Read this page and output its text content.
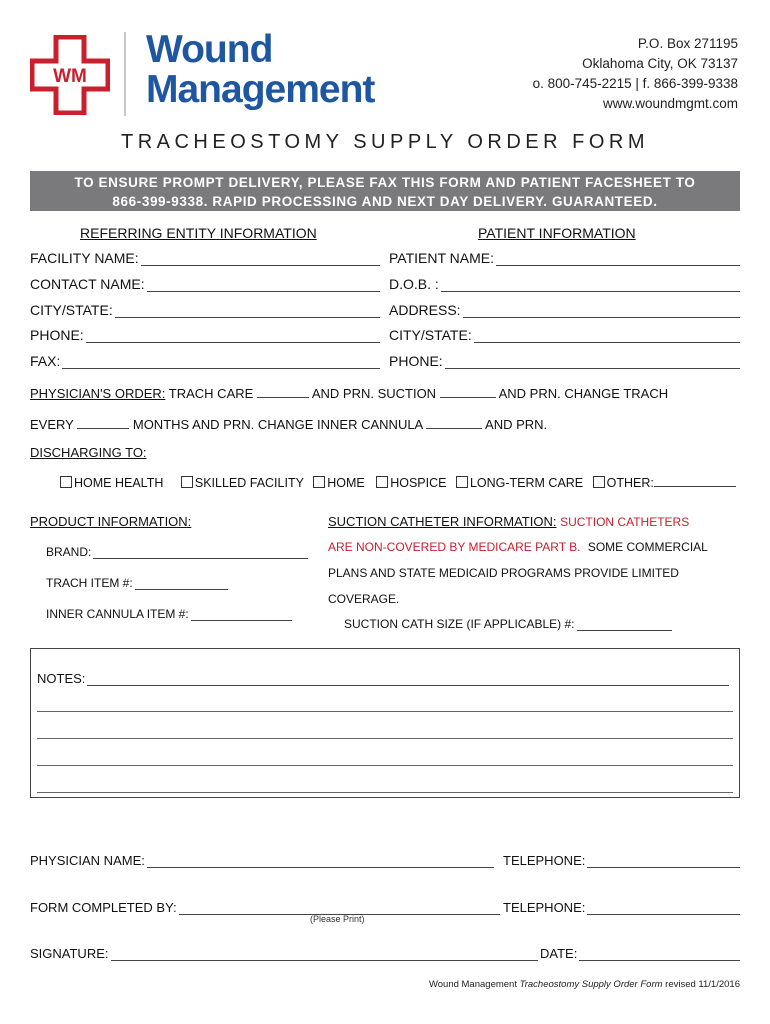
WM
Wound
Management
P.O. Box 271195
Oklahoma City, OK 73137
o. 800-745-2215 | f. 866-399-9338
www.woundmgmt.com
TRACHEOSTOMY SUPPLY ORDER FORM
TO ENSURE PROMPT DELIVERY, PLEASE FAX THIS FORM AND PATIENT FACESHEET TO
866-399-9338. RAPID PROCESSING AND NEXT DAY DELIVERY. GUARANTEED.
REFERRING ENTITY INFORMATION	PATIENT INFORMATION
FACILITY NAME:
CONTACT NAME:
CITY/STATE:
PHONE:
FAX:
PATIENT NAME:
D.O.B. :
ADDRESS:
CITY/STATE:
PHONE:
PHYSICIAN'S ORDER: TRACH CARE	AND PRN. SUCTION	AND PRN. CHANGE TRACH
EVERY	MONTHS AND PRN. CHANGE INNER CANNULA	AND PRN.
DISCHARGING TO:
HOME HEALTH	SKILLED FACILITY HOME HOSPICE LONG-TERM CARE OTHER:
PRODUCT INFORMATION:
BRAND:
TRACH ITEM #:
INNER CANNULA ITEM #:
SUCTION CATHETER INFORMATION: SUCTION CATHETERS
ARE NON-COVERED BY MEDICARE PART B. SOME COMMERCIAL
PLANS AND STATE MEDICAID PROGRAMS PROVIDE LIMITED
COVERAGE.
SUCTION CATH SIZE (IF APPLICABLE) #:
NOTES:
PHYSICIAN NAME:	TELEPHONE:
FORM COMPLETED BY:
(Please Print)
TELEPHONE:
SIGNATURE:	DATE:
Wound Management Tracheostomy Supply Order Form revised 11/1/2016
